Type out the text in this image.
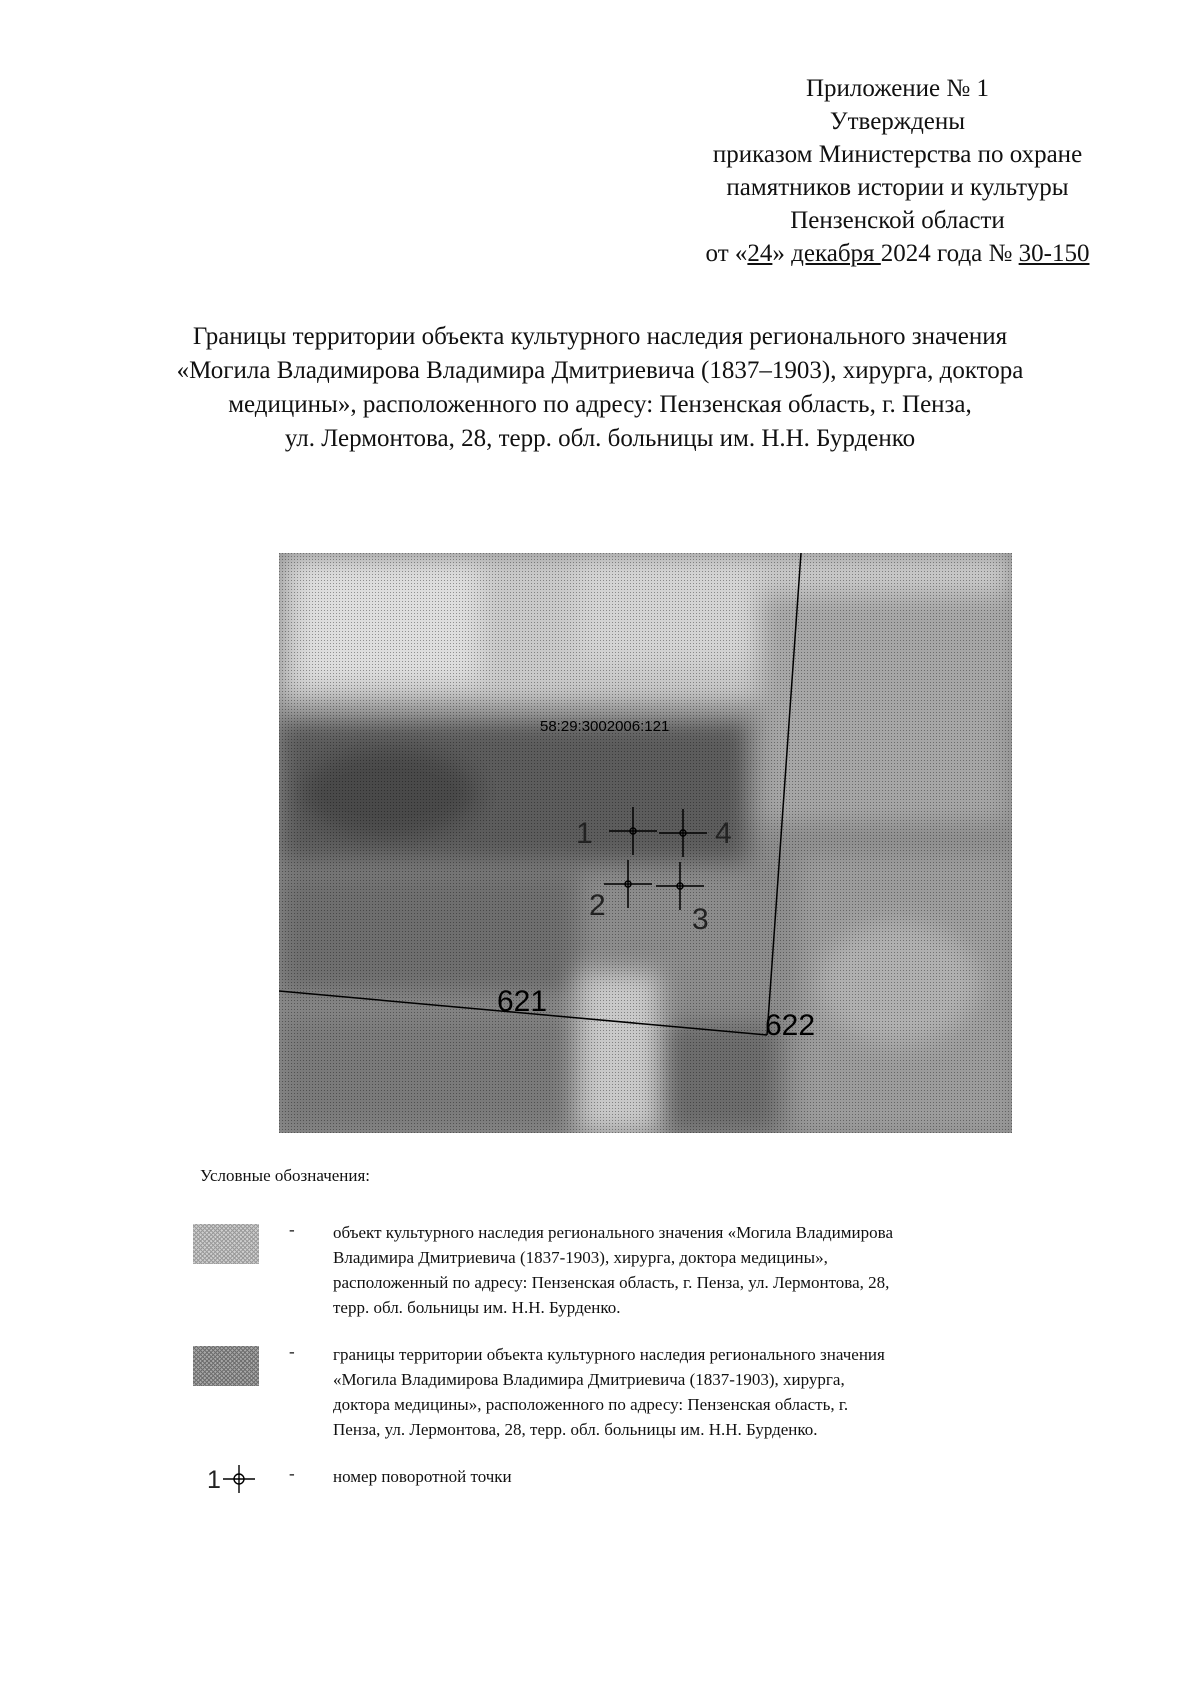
Приложение № 1
Утверждены
приказом Министерства по охране
памятников истории и культуры
Пензенской области
от «24» декабря 2024 года № 30-150
Границы территории объекта культурного наследия регионального значения
«Могила Владимирова Владимира Дмитриевича (1837–1903), хирурга, доктора
медицины», расположенного по адресу: Пензенская область, г. Пенза,
ул. Лермонтова, 28, терр. обл. больницы им. Н.Н. Бурденко
58:29:3002006:121
1
2	3
4
621
622
Условные обозначения:
- объект культурного наследия регионального значения «Могила Владимирова
Владимира Дмитриевича (1837-1903), хирурга, доктора медицины»,
расположенный по адресу: Пензенская область, г. Пенза, ул. Лермонтова, 28,
терр. обл. больницы им. Н.Н. Бурденко.
- границы территории объекта культурного наследия регионального значения
«Могила Владимирова Владимира Дмитриевича (1837-1903), хирурга,
доктора медицины», расположенного по адресу: Пензенская область, г.
Пенза, ул. Лермонтова, 28, терр. обл. больницы им. Н.Н. Бурденко.
1	- номер поворотной точки
